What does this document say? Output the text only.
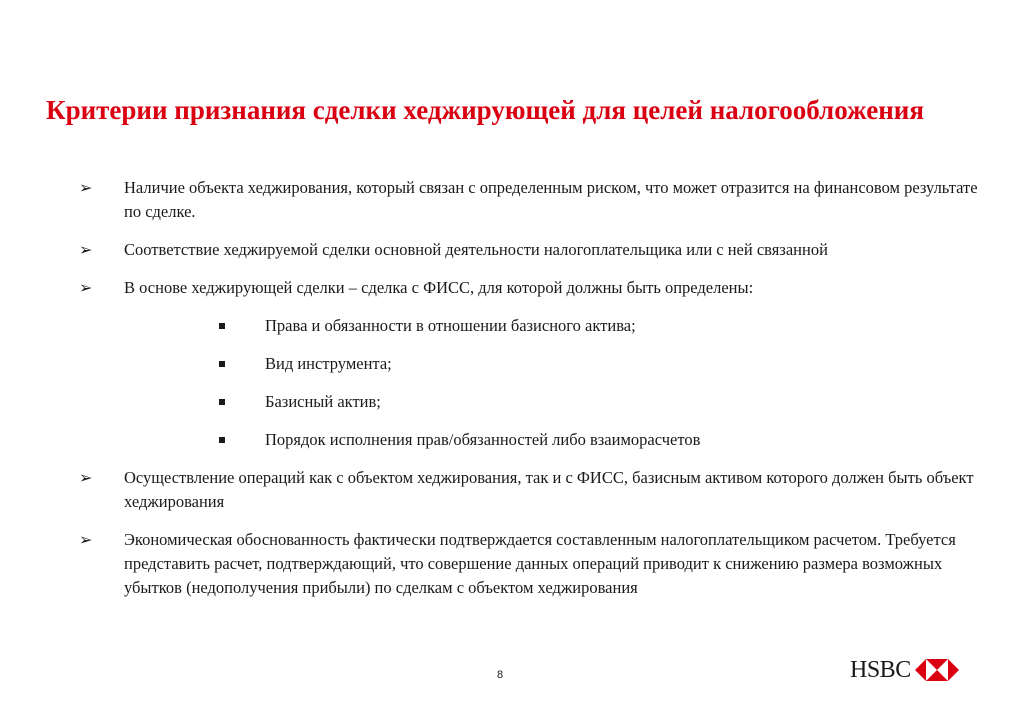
Критерии признания сделки хеджирующей для целей налогообложения
➢ Наличие объекта хеджирования, который связан с определенным риском, что может отразится на финансовом результате по сделке.
➢ Соответствие хеджируемой сделки основной деятельности налогоплательщика или с ней связанной
➢ В основе хеджирующей сделки – сделка с ФИСС, для которой должны быть определены:
Права и обязанности в отношении базисного актива;
Вид инструмента;
Базисный актив;
Порядок исполнения прав/обязанностей либо взаиморасчетов
➢ Осуществление операций как с объектом хеджирования, так и с ФИСС, базисным активом которого должен быть объект хеджирования
➢ Экономическая обоснованность фактически подтверждается составленным налогоплательщиком расчетом. Требуется представить расчет, подтверждающий, что совершение данных операций приводит к снижению размера возможных убытков (недополучения прибыли) по сделкам с объектом хеджирования
8	HSBC
